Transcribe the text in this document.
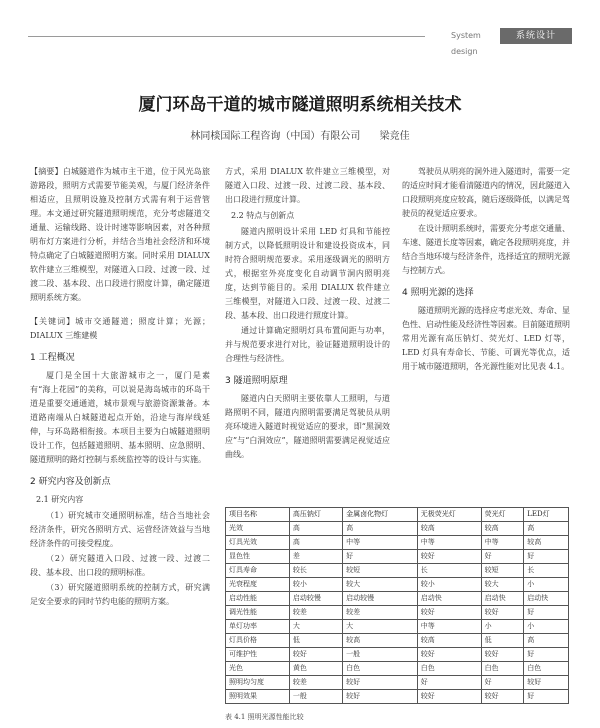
System design
系统设计
厦门环岛干道的城市隧道照明系统相关技术
林同棪国际工程咨询（中国）有限公司 梁竞佳

【摘要】白城隧道作为城市主干道，位于风光岛旅游路段，照明方式需要节能美观，与厦门经济条件相适应，且照明设施及控制方式需有利于运营管理。本文通过研究隧道照明规范，充分考虑隧道交通量、运输线路、设计时速等影响因素，对各种照明布灯方案进行分析，并结合当地社会经济和环境特点确定了白城隧道照明方案。同时采用 DIALUX 软件建立三维模型，对隧道入口段、过渡一段、过渡二段、基本段、出口段进行照度计算，确定隧道照明系统方案。

【关键词】城市交通隧道；照度计算；光源；DIALUX 三维建模

1 工程概况

厦门是全国十大旅游城市之一，厦门是素有“海上花园”的美称，可以说是海岛城市的环岛干道是重要交通通道，城市景观与旅游资源兼备。本道路南端从白城隧道起点开始，沿途与海岸线延伸，与环岛路相衔接。本项目主要为白城隧道照明设计工作，包括隧道照明、基本照明、应急照明、隧道照明的路灯控制与系统监控等的设计与实施。

2 研究内容及创新点
2.1 研究内容

（1）研究城市交通照明标准，结合当地社会经济条件，研究各照明方式、运营经济效益与当地经济条件的可接受程度。

（2）研究隧道入口段、过渡一段、过渡二段、基本段、出口段的照明标准。

（3）研究隧道照明系统的控制方式，研究满足安全要求的同时节约电能的照明方案。

方式，采用 DIALUX 软件建立三维模型，对隧道入口段、过渡一段、过渡二段、基本段、出口段进行照度计算。

2.2 特点与创新点

隧道内照明设计采用 LED 灯具和节能控制方式，以降低照明设计和建设投资成本，同时符合照明规范要求。采用逐级调光的照明方式，根据室外亮度变化自动调节洞内照明亮度，达到节能目的。采用 DIALUX 软件建立三维模型，对隧道入口段、过渡一段、过渡二段、基本段、出口段进行照度计算。

通过计算确定照明灯具布置间距与功率，并与规范要求进行对比，验证隧道照明设计的合理性与经济性。

3 隧道照明原理

隧道内白天照明主要依靠人工照明，与道路照明不同，隧道内照明需要满足驾驶员从明亮环境进入隧道时视觉适应的要求，即“黑洞效应”与“白洞效应”，隧道照明需要满足视觉适应曲线。

驾驶员从明亮的洞外进入隧道时，需要一定的适应时间才能看清隧道内的情况，因此隧道入口段照明亮度应较高，随后逐级降低，以满足驾驶员的视觉适应要求。

在设计照明系统时，需要充分考虑交通量、车速、隧道长度等因素，确定各段照明亮度，并结合当地环境与经济条件，选择适宜的照明光源与控制方式。

4 照明光源的选择

隧道照明光源的选择应考虑光效、寿命、显色性、启动性能及经济性等因素。目前隧道照明常用光源有高压钠灯、荧光灯、LED 灯等，LED 灯具有寿命长、节能、可调光等优点，适用于城市隧道照明，各光源性能对比见表 4.1。

项目名称	高压钠灯	金属卤化物灯	无极荧光灯	荧光灯	LED灯
光效	高	高	较高	较高	高
灯具光效	高	中等	中等	中等	较高
显色性	差	好	较好	好	好
灯具寿命	较长	较短	长	较短	长
光衰程度	较小	较大	较小	较大	小
启动性能	启动较慢	启动较慢	启动快	启动快	启动快
调光性能	较差	较差	较好	较好	好
单灯功率	大	大	中等	小	小
灯具价格	低	较高	较高	低	高
可维护性	较好	一般	较好	较好	好
光色	黄色	白色	白色	白色	白色
照明均匀度	较差	较好	好	好	较好
照明效果	一般	较好	较好	较好	好
表 4.1 照明光源性能比较
